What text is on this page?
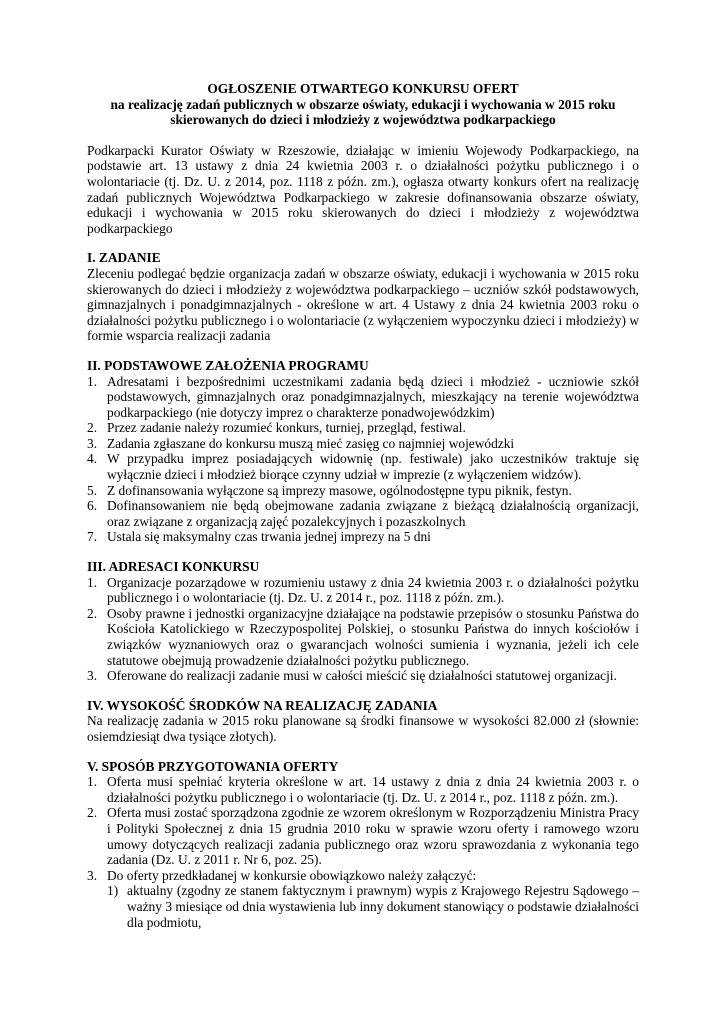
OGŁOSZENIE OTWARTEGO KONKURSU OFERT
na realizację zadań publicznych w obszarze oświaty, edukacji i wychowania w 2015 roku
skierowanych do dzieci i młodzieży z województwa podkarpackiego
Podkarpacki Kurator Oświaty w Rzeszowie, działając w imieniu Wojewody Podkarpackiego, na podstawie art. 13 ustawy z dnia 24 kwietnia 2003 r. o działalności pożytku publicznego i o wolontariacie (tj. Dz. U. z 2014, poz. 1118 z późn. zm.), ogłasza otwarty konkurs ofert na realizację zadań publicznych Województwa Podkarpackiego w zakresie dofinansowania obszarze oświaty, edukacji i wychowania w 2015 roku skierowanych do dzieci i młodzieży z województwa podkarpackiego
I. ZADANIE
Zleceniu podlegać będzie organizacja zadań w obszarze oświaty, edukacji i wychowania w 2015 roku skierowanych do dzieci i młodzieży z województwa podkarpackiego – uczniów szkół podstawowych, gimnazjalnych i ponadgimnazjalnych - określone w art. 4 Ustawy z dnia 24 kwietnia 2003 roku o działalności pożytku publicznego i o wolontariacie (z wyłączeniem wypoczynku dzieci i młodzieży) w formie wsparcia realizacji zadania
II. PODSTAWOWE ZAŁOŻENIA PROGRAMU
1. Adresatami i bezpośrednimi uczestnikami zadania będą dzieci i młodzież - uczniowie szkół podstawowych, gimnazjalnych oraz ponadgimnazjalnych, mieszkający na terenie województwa podkarpackiego (nie dotyczy imprez o charakterze ponadwojewódzkim)
2. Przez zadanie należy rozumieć konkurs, turniej, przegląd, festiwal.
3. Zadania zgłaszane do konkursu muszą mieć zasięg co najmniej wojewódzki
4. W przypadku imprez posiadających widownię (np. festiwale) jako uczestników traktuje się wyłącznie dzieci i młodzież biorące czynny udział w imprezie (z wyłączeniem widzów).
5. Z dofinansowania wyłączone są imprezy masowe, ogólnodostępne typu piknik, festyn.
6. Dofinansowaniem nie będą obejmowane zadania związane z bieżącą działalnością organizacji, oraz związane z organizacją zajęć pozalekcyjnych i pozaszkolnych
7. Ustala się maksymalny czas trwania jednej imprezy na 5 dni
III. ADRESACI KONKURSU
1. Organizacje pozarządowe w rozumieniu ustawy z dnia 24 kwietnia 2003 r. o działalności pożytku publicznego i o wolontariacie (tj. Dz. U. z 2014 r., poz. 1118 z późn. zm.).
2. Osoby prawne i jednostki organizacyjne działające na podstawie przepisów o stosunku Państwa do Kościoła Katolickiego w Rzeczypospolitej Polskiej, o stosunku Państwa do innych kościołów i związków wyznaniowych oraz o gwarancjach wolności sumienia i wyznania, jeżeli ich cele statutowe obejmują prowadzenie działalności pożytku publicznego.
3. Oferowane do realizacji zadanie musi w całości mieścić się działalności statutowej organizacji.
IV. WYSOKOŚĆ ŚRODKÓW NA REALIZACJĘ ZADANIA
Na realizację zadania w 2015 roku planowane są środki finansowe w wysokości 82.000 zł (słownie: osiemdziesiąt dwa tysiące złotych).
V. SPOSÓB PRZYGOTOWANIA OFERTY
1. Oferta musi spełniać kryteria określone w art. 14 ustawy z dnia z dnia 24 kwietnia 2003 r. o działalności pożytku publicznego i o wolontariacie (tj. Dz. U. z 2014 r., poz. 1118 z późn. zm.).
2. Oferta musi zostać sporządzona zgodnie ze wzorem określonym w Rozporządzeniu Ministra Pracy i Polityki Społecznej z dnia 15 grudnia 2010 roku w sprawie wzoru oferty i ramowego wzoru umowy dotyczących realizacji zadania publicznego oraz wzoru sprawozdania z wykonania tego zadania (Dz. U. z 2011 r. Nr 6, poz. 25).
3. Do oferty przedkładanej w konkursie obowiązkowo należy załączyć:
1) aktualny (zgodny ze stanem faktycznym i prawnym) wypis z Krajowego Rejestru Sądowego – ważny 3 miesiące od dnia wystawienia lub inny dokument stanowiący o podstawie działalności dla podmiotu,
